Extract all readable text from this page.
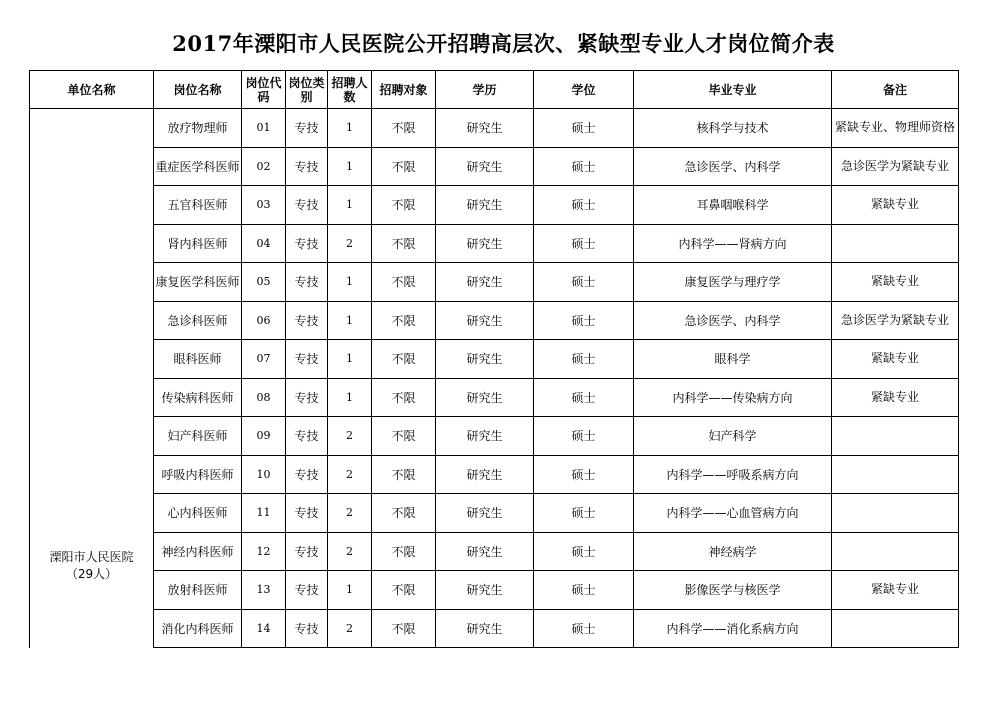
2017年溧阳市人民医院公开招聘高层次、紧缺型专业人才岗位简介表
单位名称	岗位名称	岗位代码	岗位类别	招聘人数	招聘对象	学历	学位	毕业专业	备注

溧阳市人民医院
（29人）	放疗物理师	01	专技	1	不限	研究生	硕士	核科学与技术	紧缺专业、物理师资格
	重症医学科医师	02	专技	1	不限	研究生	硕士	急诊医学、内科学	急诊医学为紧缺专业
	五官科医师	03	专技	1	不限	研究生	硕士	耳鼻咽喉科学	紧缺专业
	肾内科医师	04	专技	2	不限	研究生	硕士	内科学——肾病方向	
	康复医学科医师	05	专技	1	不限	研究生	硕士	康复医学与理疗学	紧缺专业
	急诊科医师	06	专技	1	不限	研究生	硕士	急诊医学、内科学	急诊医学为紧缺专业
	眼科医师	07	专技	1	不限	研究生	硕士	眼科学	紧缺专业
	传染病科医师	08	专技	1	不限	研究生	硕士	内科学——传染病方向	紧缺专业
	妇产科医师	09	专技	2	不限	研究生	硕士	妇产科学	
	呼吸内科医师	10	专技	2	不限	研究生	硕士	内科学——呼吸系病方向	
	心内科医师	11	专技	2	不限	研究生	硕士	内科学——心血管病方向	
	神经内科医师	12	专技	2	不限	研究生	硕士	神经病学	
	放射科医师	13	专技	1	不限	研究生	硕士	影像医学与核医学	紧缺专业
	消化内科医师	14	专技	2	不限	研究生	硕士	内科学——消化系病方向	
